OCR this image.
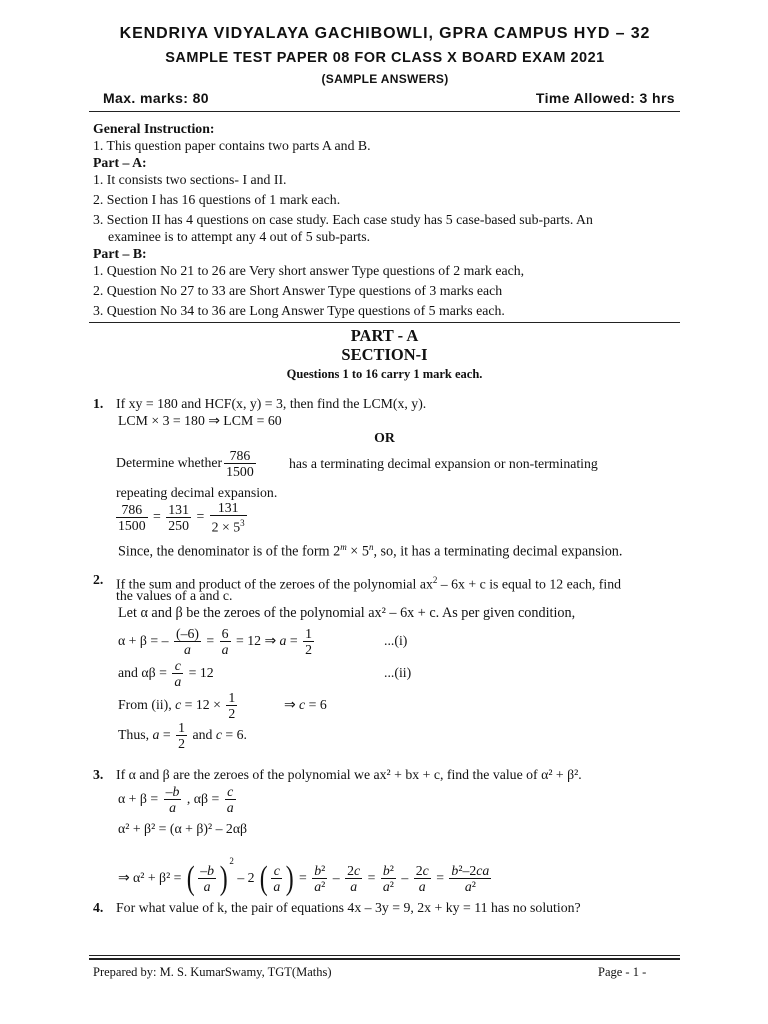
KENDRIYA VIDYALAYA GACHIBOWLI, GPRA CAMPUS HYD – 32
SAMPLE TEST PAPER 08 FOR CLASS X BOARD EXAM 2021
(SAMPLE ANSWERS)
Max. marks: 80	Time Allowed: 3 hrs
General Instruction:
1. This question paper contains two parts A and B.
Part – A:
1. It consists two sections- I and II.
2. Section I has 16 questions of 1 mark each.
3. Section II has 4 questions on case study. Each case study has 5 case-based sub-parts. An
examinee is to attempt any 4 out of 5 sub-parts.
Part – B:
1. Question No 21 to 26 are Very short answer Type questions of 2 mark each,
2. Question No 27 to 33 are Short Answer Type questions of 3 marks each
3. Question No 34 to 36 are Long Answer Type questions of 5 marks each.
PART - A
SECTION-I
Questions 1 to 16 carry 1 mark each.
1. If xy = 180 and HCF(x, y) = 3, then find the LCM(x, y).
LCM × 3 = 180 ⇒ LCM = 60
OR
Determine whether $\frac{786}{1500}$ has a terminating decimal expansion or non-terminating
repeating decimal expansion.
$\frac{786}{1500} = \frac{131}{250} = \frac{131}{2 \times 5^3}$
Since, the denominator is of the form $2^m \times 5^n$, so, it has a terminating decimal expansion.
2. If the sum and product of the zeroes of the polynomial $ax^2 - 6x + c$ is equal to 12 each, find
the values of a and c.
Let α and β be the zeroes of the polynomial ax² – 6x + c. As per given condition,
α + β = – $\frac{(-6)}{a} = \frac{6}{a} = 12$ ⇒ $a = \frac{1}{2}$	...(i)
and $\alpha\beta = \frac{c}{a} = 12$	...(ii)
From (ii), $c = 12 \times \frac{1}{2}$	⇒ c = 6
Thus, $a = \frac{1}{2}$ and c = 6.
3. If α and β are the zeroes of the polynomial we ax² + bx + c, find the value of α² + β².
$\alpha + \beta = \frac{-b}{a}$ , $\alpha\beta = \frac{c}{a}$
α² + β² = (α + β)² – 2αβ
⇒ α² + β² = ( $\frac{-b}{a}$ ) $^2$ – 2 ( $\frac{c}{a}$ ) = $\frac{\text{b²}}{\text{a²}} - \frac{2c}{a} = \frac{\text{b²}}{\text{a²}} - \frac{2c}{a} = \frac{\text{b²–2ca}}{\text{a²}}$
4. For what value of k, the pair of equations 4x – 3y = 9, 2x + ky = 11 has no solution?
Prepared by: M. S. KumarSwamy, TGT(Maths)	Page - 1 -
